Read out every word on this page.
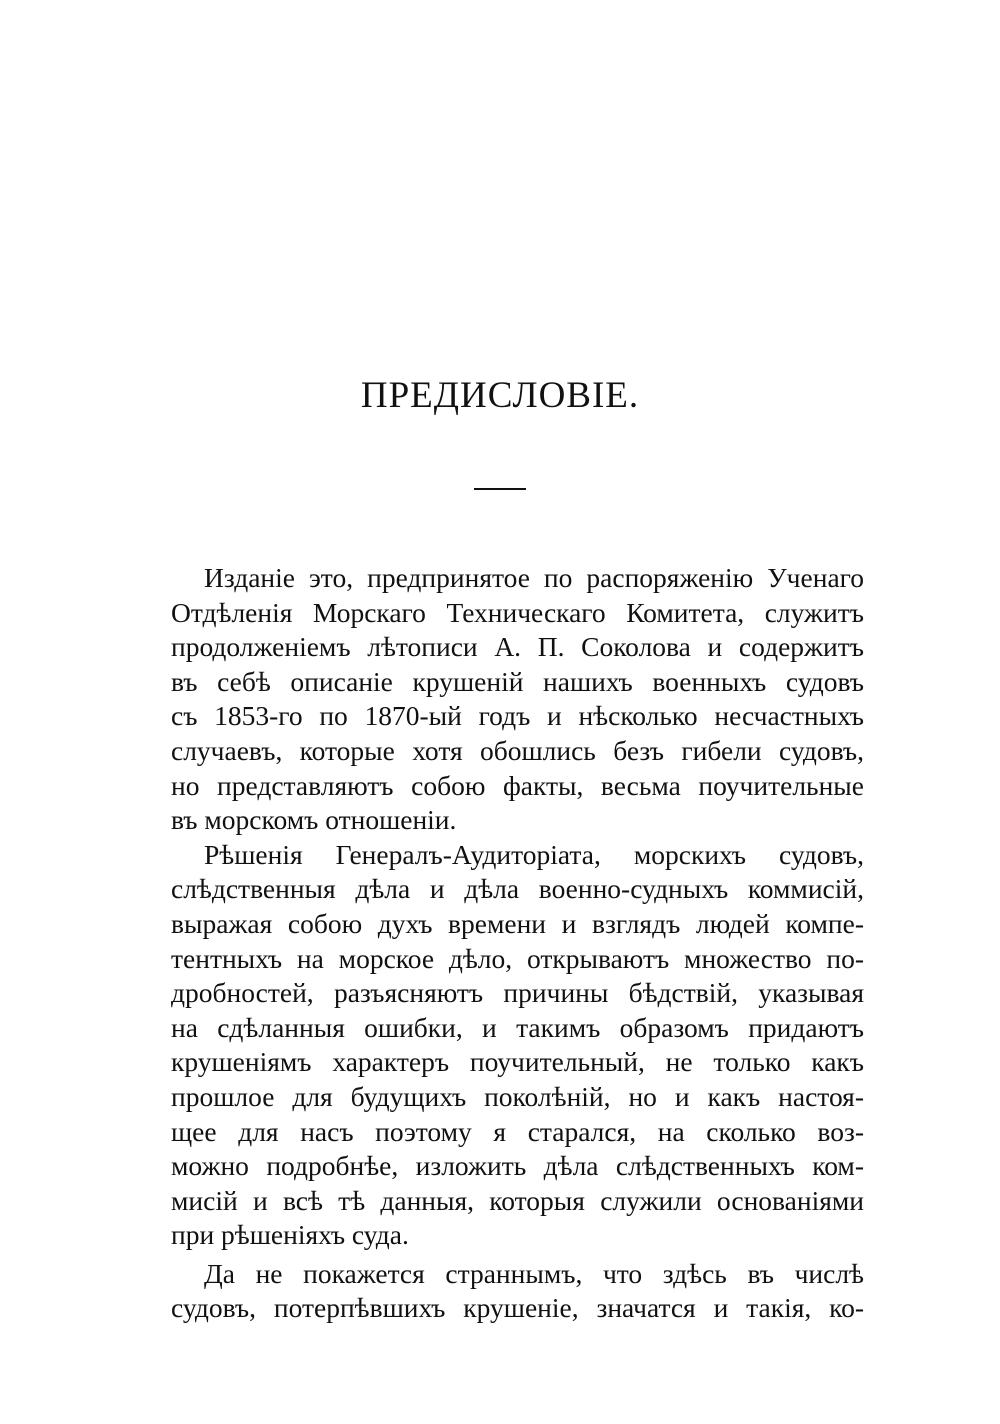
ПРЕДИСЛОВIЕ.
Изданiе это, предпринятое по распоряженiю Ученаго
Отдѣленiя Морскаго Техническаго Комитета, служитъ
продолженiемъ лѣтописи А. П. Соколова и содержитъ
въ себѣ описанiе крушенiй нашихъ военныхъ судовъ
съ 1853-го по 1870-ый годъ и нѣсколько несчастныхъ
случаевъ, которые хотя обошлись безъ гибели судовъ,
но представляютъ собою факты, весьма поучительные
въ морскомъ отношенiи.
Рѣшенiя Генералъ-Аудиторiата, морскихъ судовъ,
слѣдственныя дѣла и дѣла военно-судныхъ коммисiй,
выражая собою духъ времени и взглядъ людей компе-
тентныхъ на морское дѣло, открываютъ множество по-
дробностей, разъясняютъ причины бѣдствiй, указывая
на сдѣланныя ошибки, и такимъ образомъ придаютъ
крушенiямъ характеръ поучительный, не только какъ
прошлое для будущихъ поколѣнiй, но и какъ настоя-
щее для насъ поэтому я старался, на сколько воз-
можно подробнѣе, изложить дѣла слѣдственныхъ ком-
мисiй и всѣ тѣ данныя, которыя служили основанiями
при рѣшенiяхъ суда.
Да не покажется страннымъ, что здѣсь въ числѣ
судовъ, потерпѣвшихъ крушенiе, значатся и такiя, ко-
